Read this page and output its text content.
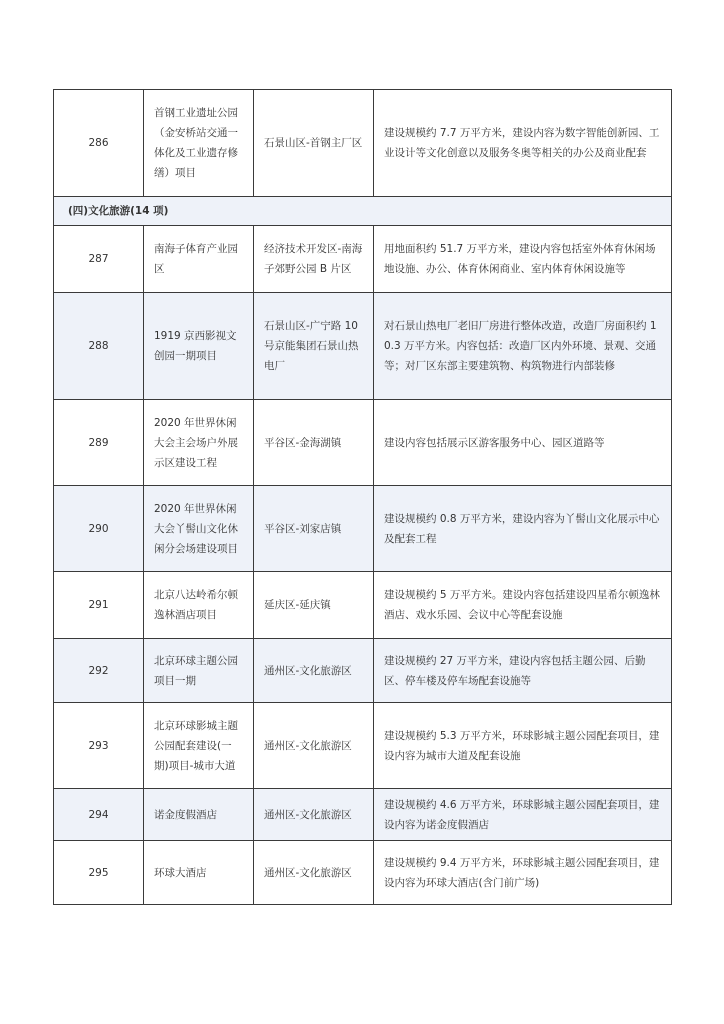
286	首钢工业遗址公园（金安桥站交通一体化及工业遗存修缮）项目	石景山区-首钢主厂区	建设规模约 7.7 万平方米，建设内容为数字智能创新园、工业设计等文化创意以及服务冬奥等相关的办公及商业配套
(四)文化旅游(14 项)			
287	南海子体育产业园区	经济技术开发区-南海子郊野公园 B 片区	用地面积约 51.7 万平方米，建设内容包括室外体育休闲场地设施、办公、体育休闲商业、室内体育休闲设施等
288	1919 京西影视文创园一期项目	石景山区-广宁路 10 号京能集团石景山热电厂	对石景山热电厂老旧厂房进行整体改造，改造厂房面积约 10.3 万平方米。内容包括：改造厂区内外环境、景观、交通等；对厂区东部主要建筑物、构筑物进行内部装修
289	2020 年世界休闲大会主会场户外展示区建设工程	平谷区-金海湖镇	建设内容包括展示区游客服务中心、园区道路等
290	2020 年世界休闲大会丫髻山文化休闲分会场建设项目	平谷区-刘家店镇	建设规模约 0.8 万平方米，建设内容为丫髻山文化展示中心及配套工程
291	北京八达岭希尔顿逸林酒店项目	延庆区-延庆镇	建设规模约 5 万平方米。建设内容包括建设四星希尔顿逸林酒店、戏水乐园、会议中心等配套设施
292	北京环球主题公园项目一期	通州区-文化旅游区	建设规模约 27 万平方米，建设内容包括主题公园、后勤区、停车楼及停车场配套设施等
293	北京环球影城主题公园配套建设(一期)项目-城市大道	通州区-文化旅游区	建设规模约 5.3 万平方米，环球影城主题公园配套项目，建设内容为城市大道及配套设施
294	诺金度假酒店	通州区-文化旅游区	建设规模约 4.6 万平方米，环球影城主题公园配套项目，建设内容为诺金度假酒店
295	环球大酒店	通州区-文化旅游区	建设规模约 9.4 万平方米，环球影城主题公园配套项目，建设内容为环球大酒店(含门前广场)
